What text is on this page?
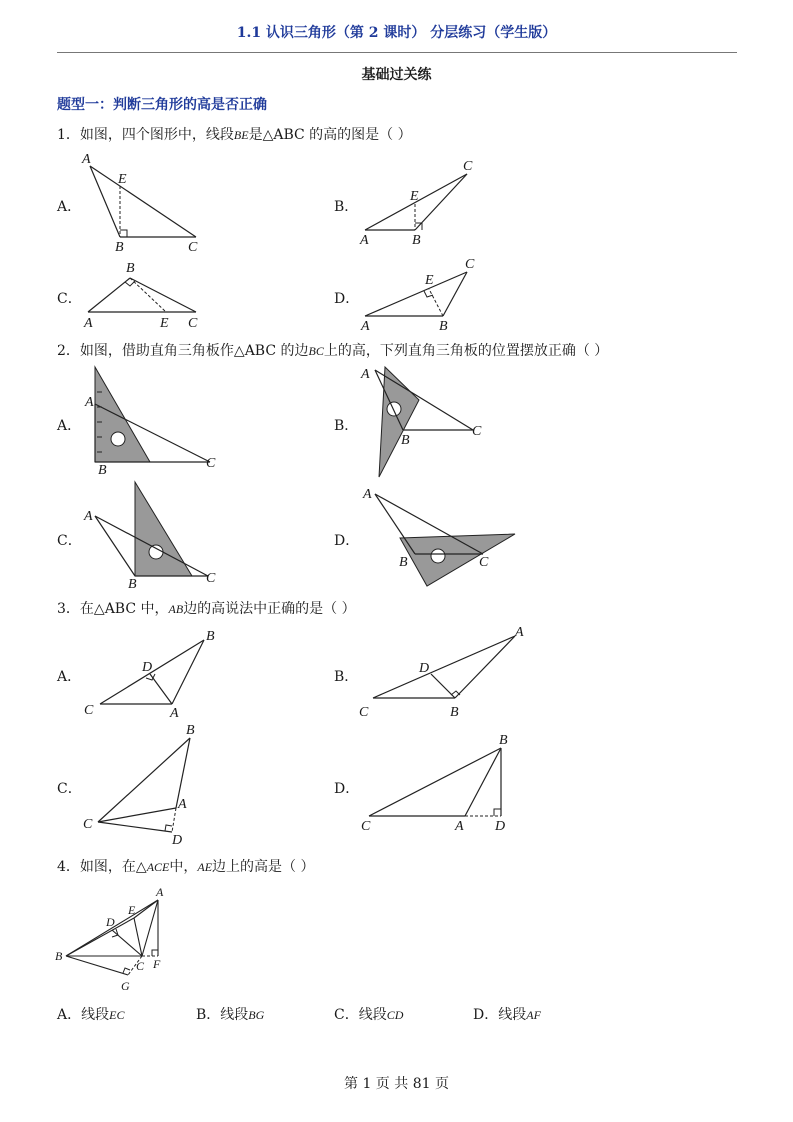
1.1 认识三角形（第 2 课时） 分层练习（学生版）
基础过关练
题型一：判断三角形的高是否正确
1．如图，四个图形中，线段BE是△ABC 的高的图是（ ）
A．
A
E
B	C
B．
C
E
A	B
C．
B
A	E C
D．
C
E
A	B
2．如图，借助直角三角板作△ABC 的边BC上的高，下列直角三角板的位置摆放正确（ ）
A．
A
B	C
B．
A
B
C
C．
A
B	C
D．
A
B	C
3．在△ABC 中，AB边的高说法中正确的是（ ）
A．
B
D
C	A
B．
A
D
C	B
C．
B
A
C
D
D．
B
C	A D
4．如图，在△ACE中，AE边上的高是（ ）
A
E
D
B
C F
G
A．线段EC	B．线段BG	C．线段CD	D．线段AF
第 1 页 共 81 页
